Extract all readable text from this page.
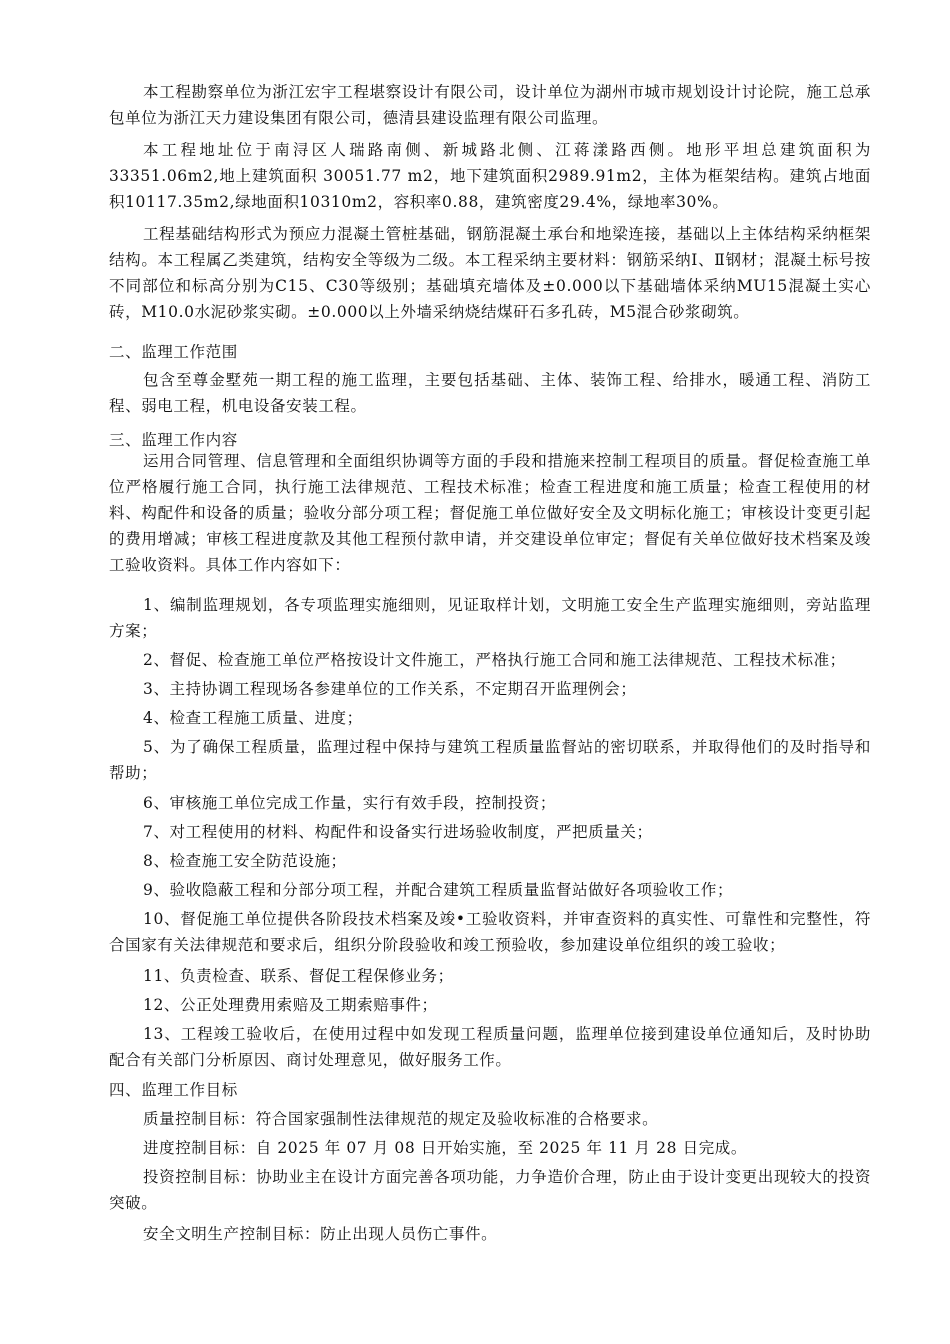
本工程勘察单位为浙江宏宇工程堪察设计有限公司，设计单位为湖州市城市规划设计讨论院，施工总承包单位为浙江天力建设集团有限公司，德清县建设监理有限公司监理。

本工程地址位于南浔区人瑞路南侧、新城路北侧、江蒋漾路西侧。地形平坦总建筑面积为33351.06m2,地上建筑面积 30051.77 m2，地下建筑面积2989.91m2，主体为框架结构。建筑占地面积10117.35m2,绿地面积10310m2，容积率0.88，建筑密度29.4%，绿地率30%。

工程基础结构形式为预应力混凝土管桩基础，钢筋混凝土承台和地梁连接，基础以上主体结构采纳框架结构。本工程属乙类建筑，结构安全等级为二级。本工程采纳主要材料：钢筋采纳Ⅰ、Ⅱ钢材；混凝土标号按不同部位和标高分别为C15、C30等级别；基础填充墙体及±0.000以下基础墙体采纳MU15混凝土实心砖，M10.0水泥砂浆实砌。±0.000以上外墙采纳烧结煤矸石多孔砖，M5混合砂浆砌筑。

二、监理工作范围

包含至尊金墅苑一期工程的施工监理，主要包括基础、主体、装饰工程、给排水，暖通工程、消防工程、弱电工程，机电设备安装工程。

三、监理工作内容

运用合同管理、信息管理和全面组织协调等方面的手段和措施来控制工程项目的质量。督促检查施工单位严格履行施工合同，执行施工法律规范、工程技术标准；检查工程进度和施工质量；检查工程使用的材料、构配件和设备的质量；验收分部分项工程；督促施工单位做好安全及文明标化施工；审核设计变更引起的费用增减；审核工程进度款及其他工程预付款申请，并交建设单位审定；督促有关单位做好技术档案及竣工验收资料。具体工作内容如下：

1、编制监理规划，各专项监理实施细则，见证取样计划，文明施工安全生产监理实施细则，旁站监理方案；

2、督促、检查施工单位严格按设计文件施工，严格执行施工合同和施工法律规范、工程技术标准；

3、主持协调工程现场各参建单位的工作关系，不定期召开监理例会；

4、检查工程施工质量、进度；

5、为了确保工程质量，监理过程中保持与建筑工程质量监督站的密切联系，并取得他们的及时指导和帮助；

6、审核施工单位完成工作量，实行有效手段，控制投资；

7、对工程使用的材料、构配件和设备实行进场验收制度，严把质量关；

8、检查施工安全防范设施；

9、验收隐蔽工程和分部分项工程，并配合建筑工程质量监督站做好各项验收工作；

10、督促施工单位提供各阶段技术档案及竣•工验收资料，并审查资料的真实性、可靠性和完整性，符合国家有关法律规范和要求后，组织分阶段验收和竣工预验收，参加建设单位组织的竣工验收；

11、负责检查、联系、督促工程保修业务；

12、公正处理费用索赔及工期索赔事件；

13、工程竣工验收后，在使用过程中如发现工程质量问题，监理单位接到建设单位通知后，及时协助配合有关部门分析原因、商讨处理意见，做好服务工作。

四、监理工作目标

质量控制目标：符合国家强制性法律规范的规定及验收标准的合格要求。

进度控制目标：自 2025 年 07 月 08 日开始实施，至 2025 年 11 月 28 日完成。

投资控制目标：协助业主在设计方面完善各项功能，力争造价合理，防止由于设计变更出现较大的投资突破。

安全文明生产控制目标：防止出现人员伤亡事件。
